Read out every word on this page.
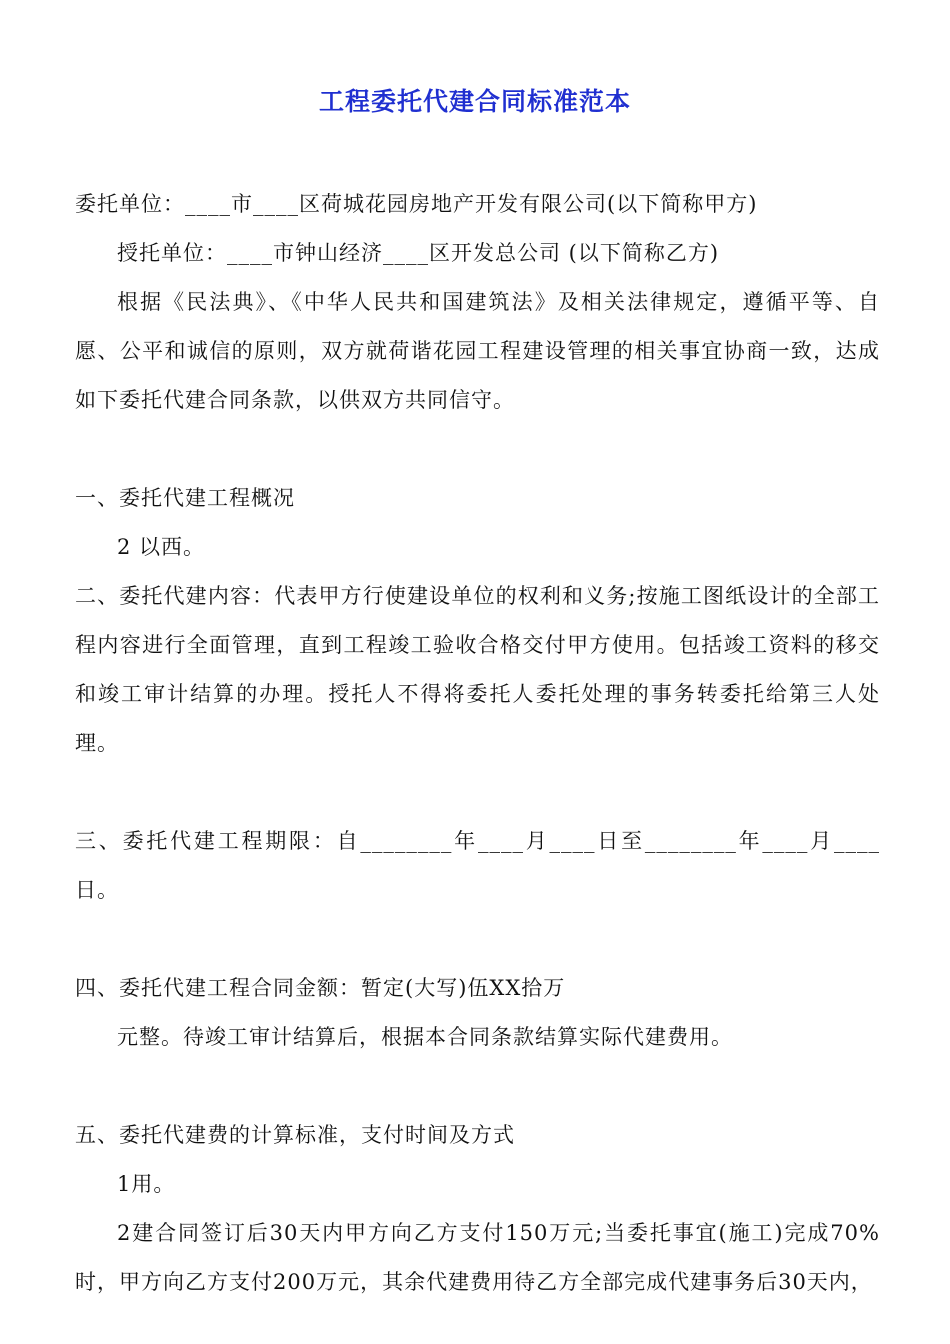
工程委托代建合同标准范本

委托单位：____市____区荷城花园房地产开发有限公司(以下简称甲方)

授托单位：____市钟山经济____区开发总公司 (以下简称乙方)

根据《民法典》、《中华人民共和国建筑法》及相关法律规定，遵循平等、自愿、公平和诚信的原则，双方就荷谐花园工程建设管理的相关事宜协商一致，达成如下委托代建合同条款，以供双方共同信守。

一、委托代建工程概况

2 以西。

二、委托代建内容：代表甲方行使建设单位的权利和义务;按施工图纸设计的全部工程内容进行全面管理，直到工程竣工验收合格交付甲方使用。包括竣工资料的移交和竣工审计结算的办理。授托人不得将委托人委托处理的事务转委托给第三人处理。

三、委托代建工程期限：自________年____月____日至________年____月____日。

四、委托代建工程合同金额：暂定(大写)伍XX拾万

元整。待竣工审计结算后，根据本合同条款结算实际代建费用。

五、委托代建费的计算标准，支付时间及方式

1用。

2建合同签订后30天内甲方向乙方支付150万元;当委托事宜(施工)完成70%时，甲方向乙方支付200万元，其余代建费用待乙方全部完成代建事务后30天内，
